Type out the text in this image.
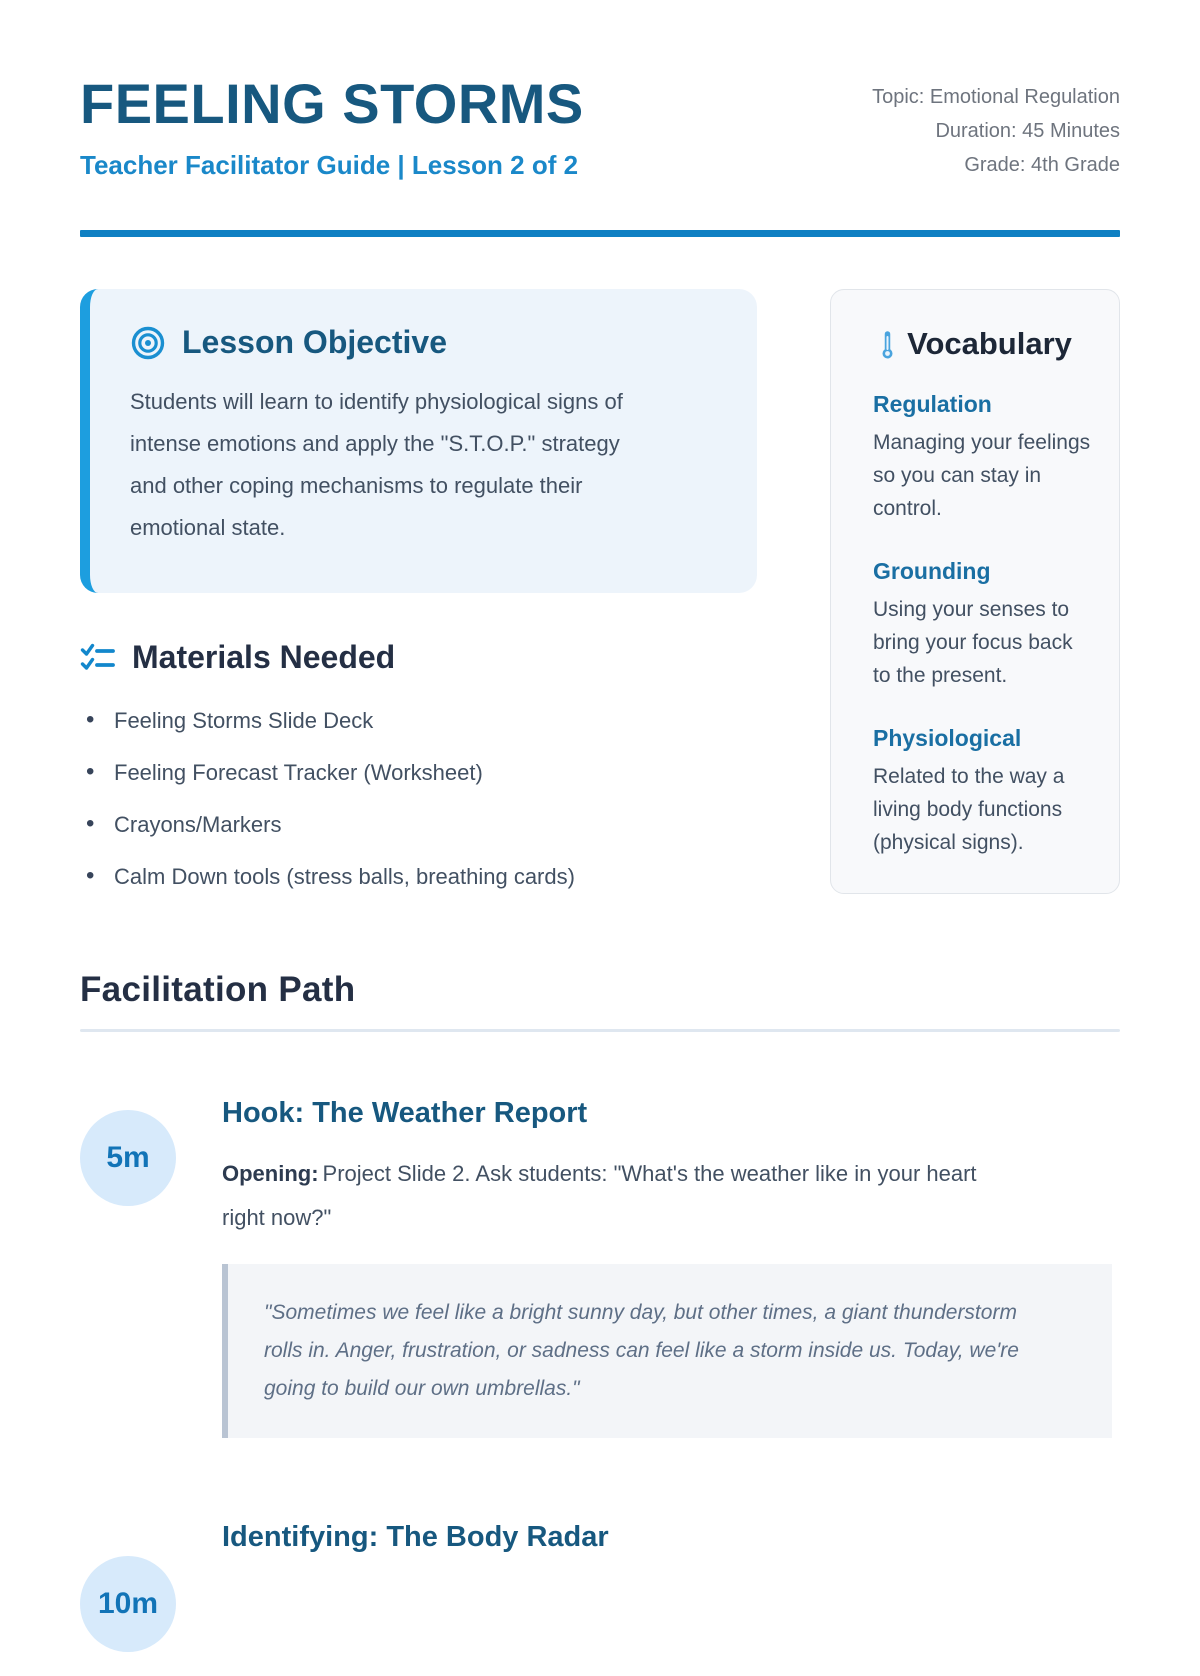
FEELING STORMS
Teacher Facilitator Guide | Lesson 2 of 2
Topic: Emotional Regulation
Duration: 45 Minutes
Grade: 4th Grade
Lesson Objective

Students will learn to identify physiological signs of intense emotions and apply the "S.T.O.P." strategy and other coping mechanisms to regulate their emotional state.

Materials Needed
• Feeling Storms Slide Deck
• Feeling Forecast Tracker (Worksheet)
• Crayons/Markers
• Calm Down tools (stress balls, breathing cards)
Vocabulary
Regulation
Managing your feelings so you can stay in control.
Grounding
Using your senses to bring your focus back to the present.
Physiological
Related to the way a living body functions (physical signs).
Facilitation Path
5m
Hook: The Weather Report

Opening: Project Slide 2. Ask students: "What's the weather like in your heart right now?"

"Sometimes we feel like a bright sunny day, but other times, a giant thunderstorm rolls in. Anger, frustration, or sadness can feel like a storm inside us. Today, we're going to build our own umbrellas."
10m
Identifying: The Body Radar
